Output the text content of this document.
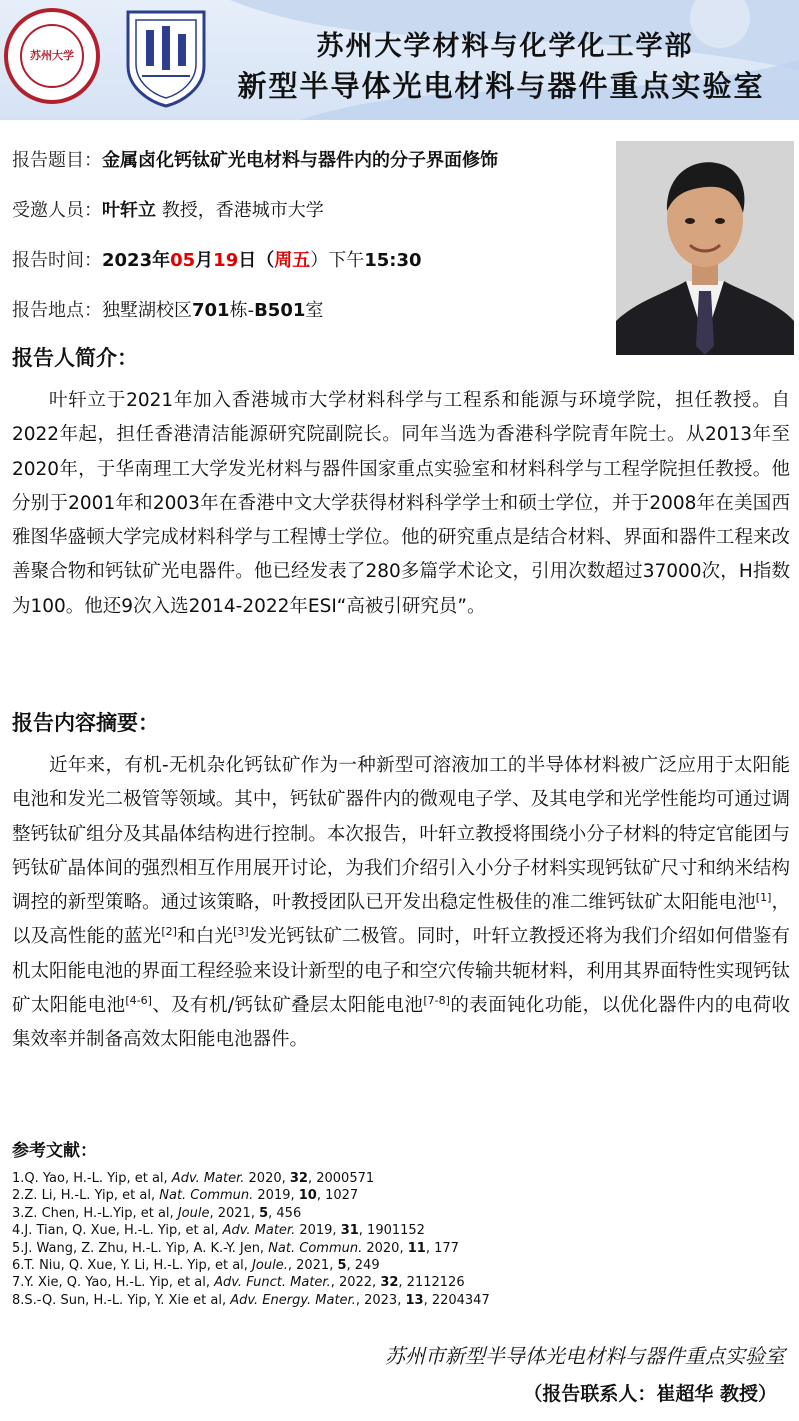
苏州大学	苏州大学材料与化学化工学部
新型半导体光电材料与器件重点实验室
报告题目：金属卤化钙钛矿光电材料与器件内的分子界面修饰
受邀人员：叶轩立 教授，香港城市大学
报告时间：2023年05月19日（周五）下午15:30
报告地点：独墅湖校区701栋-B501室
报告人简介：
叶轩立于2021年加入香港城市大学材料科学与工程系和能源与环境学院，担任教授。自2022年起，担任香港清洁能源研究院副院长。同年当选为香港科学院青年院士。从2013年至2020年，于华南理工大学发光材料与器件国家重点实验室和材料科学与工程学院担任教授。他分别于2001年和2003年在香港中文大学获得材料科学学士和硕士学位，并于2008年在美国西雅图华盛顿大学完成材料科学与工程博士学位。他的研究重点是结合材料、界面和器件工程来改善聚合物和钙钛矿光电器件。他已经发表了280多篇学术论文，引用次数超过37000次，H指数为100。他还9次入选2014-2022年ESI“高被引研究员”。
报告内容摘要：
近年来，有机-无机杂化钙钛矿作为一种新型可溶液加工的半导体材料被广泛应用于太阳能电池和发光二极管等领域。其中，钙钛矿器件内的微观电子学、及其电学和光学性能均可通过调整钙钛矿组分及其晶体结构进行控制。本次报告，叶轩立教授将围绕小分子材料的特定官能团与钙钛矿晶体间的强烈相互作用展开讨论，为我们介绍引入小分子材料实现钙钛矿尺寸和纳米结构调控的新型策略。通过该策略，叶教授团队已开发出稳定性极佳的准二维钙钛矿太阳能电池[1]，以及高性能的蓝光[2]和白光[3]发光钙钛矿二极管。同时，叶轩立教授还将为我们介绍如何借鉴有机太阳能电池的界面工程经验来设计新型的电子和空穴传输共轭材料，利用其界面特性实现钙钛矿太阳能电池[4-6]、及有机/钙钛矿叠层太阳能电池[7-8]的表面钝化功能，以优化器件内的电荷收集效率并制备高效太阳能电池器件。
参考文献：
1.Q. Yao, H.-L. Yip, et al, Adv. Mater. 2020, 32, 2000571
2.Z. Li, H.-L. Yip, et al, Nat. Commun. 2019, 10, 1027
3.Z. Chen, H.-L.Yip, et al, Joule, 2021, 5, 456
4.J. Tian, Q. Xue, H.-L. Yip, et al, Adv. Mater. 2019, 31, 1901152
5.J. Wang, Z. Zhu, H.-L. Yip, A. K.-Y. Jen, Nat. Commun. 2020, 11, 177
6.T. Niu, Q. Xue, Y. Li, H.-L. Yip, et al, Joule., 2021, 5, 249
7.Y. Xie, Q. Yao, H.-L. Yip, et al, Adv. Funct. Mater., 2022, 32, 2112126
8.S.-Q. Sun, H.-L. Yip, Y. Xie et al, Adv. Energy. Mater., 2023, 13, 2204347
苏州市新型半导体光电材料与器件重点实验室
（报告联系人：崔超华 教授）
